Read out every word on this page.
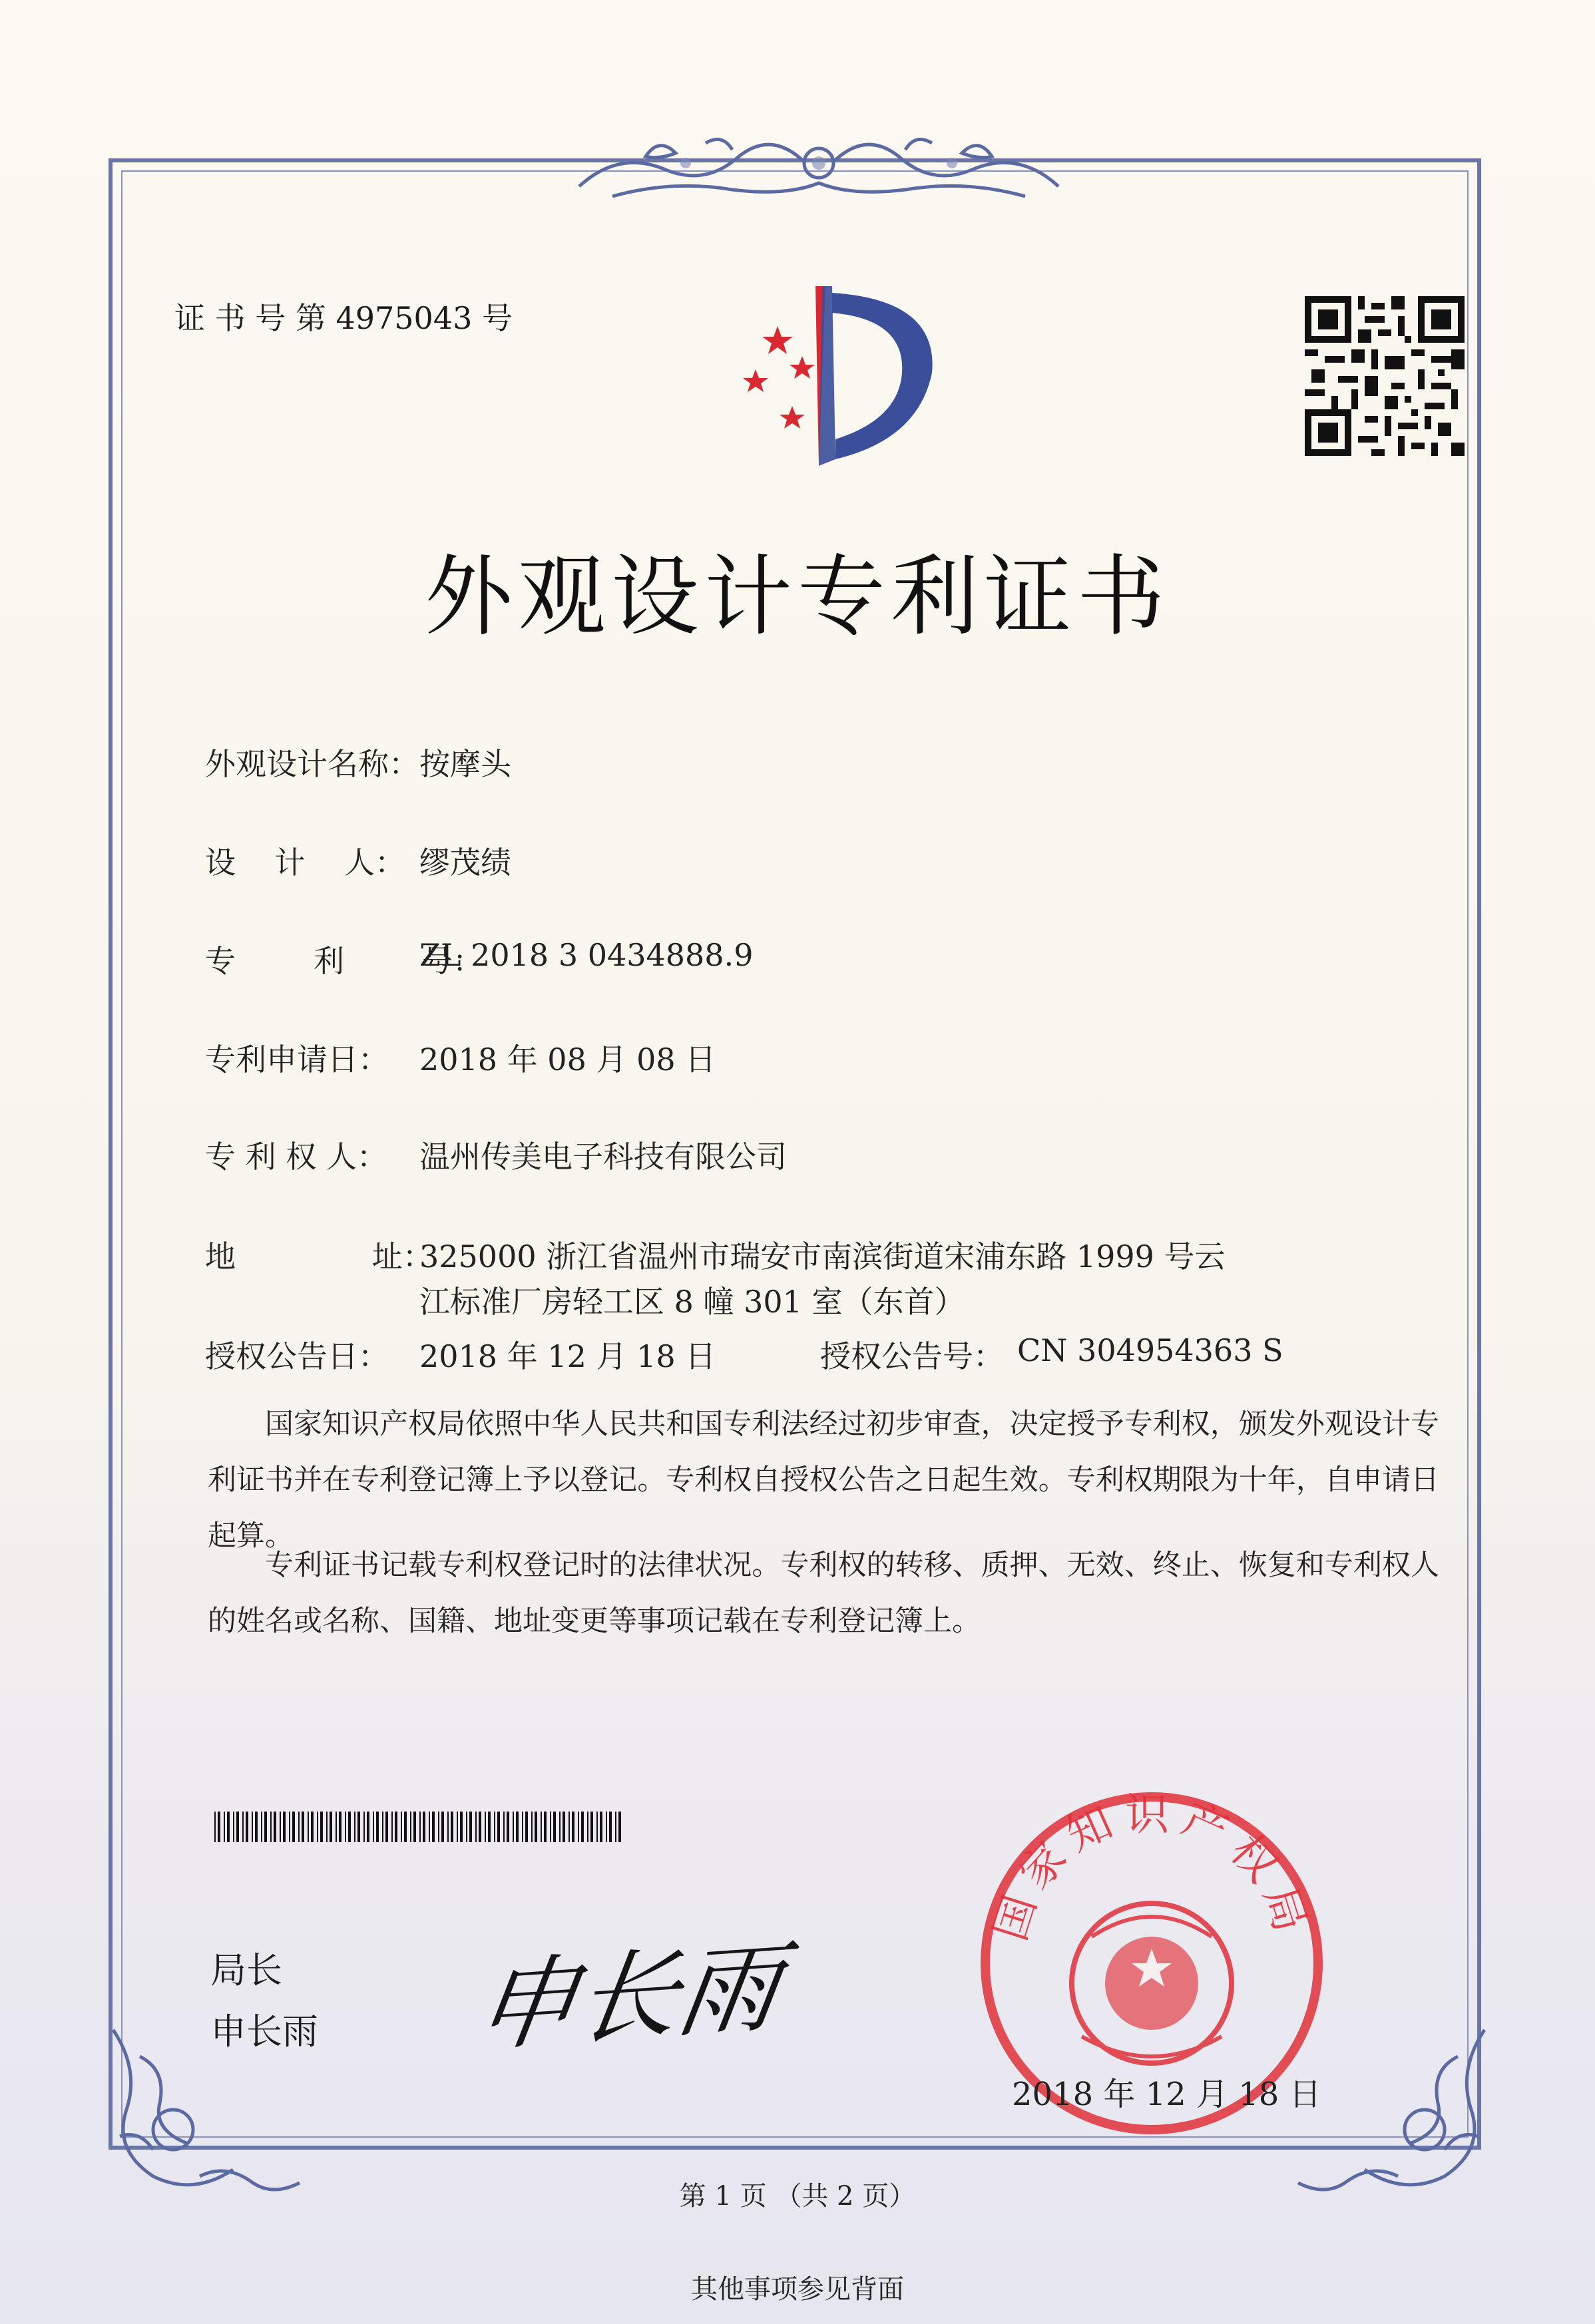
证 书 号 第 4975043 号
外观设计专利证书
外观设计名称： 按摩头
设    计    人： 缪茂绩
专        利        号：
ZL 2018 3 0434888.9
专利申请日： 2018 年 08 月 08 日
专 利 权 人： 温州传美电子科技有限公司
地              址：
325000 浙江省温州市瑞安市南滨街道宋浦东路 1999 号云
江标准厂房轻工区 8 幢 301 室（东首）
授权公告日： 2018 年 12 月 18 日	授权公告号： CN 304954363 S
国家知识产权局依照中华人民共和国专利法经过初步审查，决定授予专利权，颁发外观设计专利证书并在专利登记簿上予以登记。专利权自授权公告之日起生效。专利权期限为十年，自申请日起算。
专利证书记载专利权登记时的法律状况。专利权的转移、质押、无效、终止、恢复和专利权人的姓名或名称、国籍、地址变更等事项记载在专利登记簿上。
局长
申长雨 申长雨
国家知识产权局
2018 年 12 月 18 日
第 1 页 （共 2 页）
其他事项参见背面
